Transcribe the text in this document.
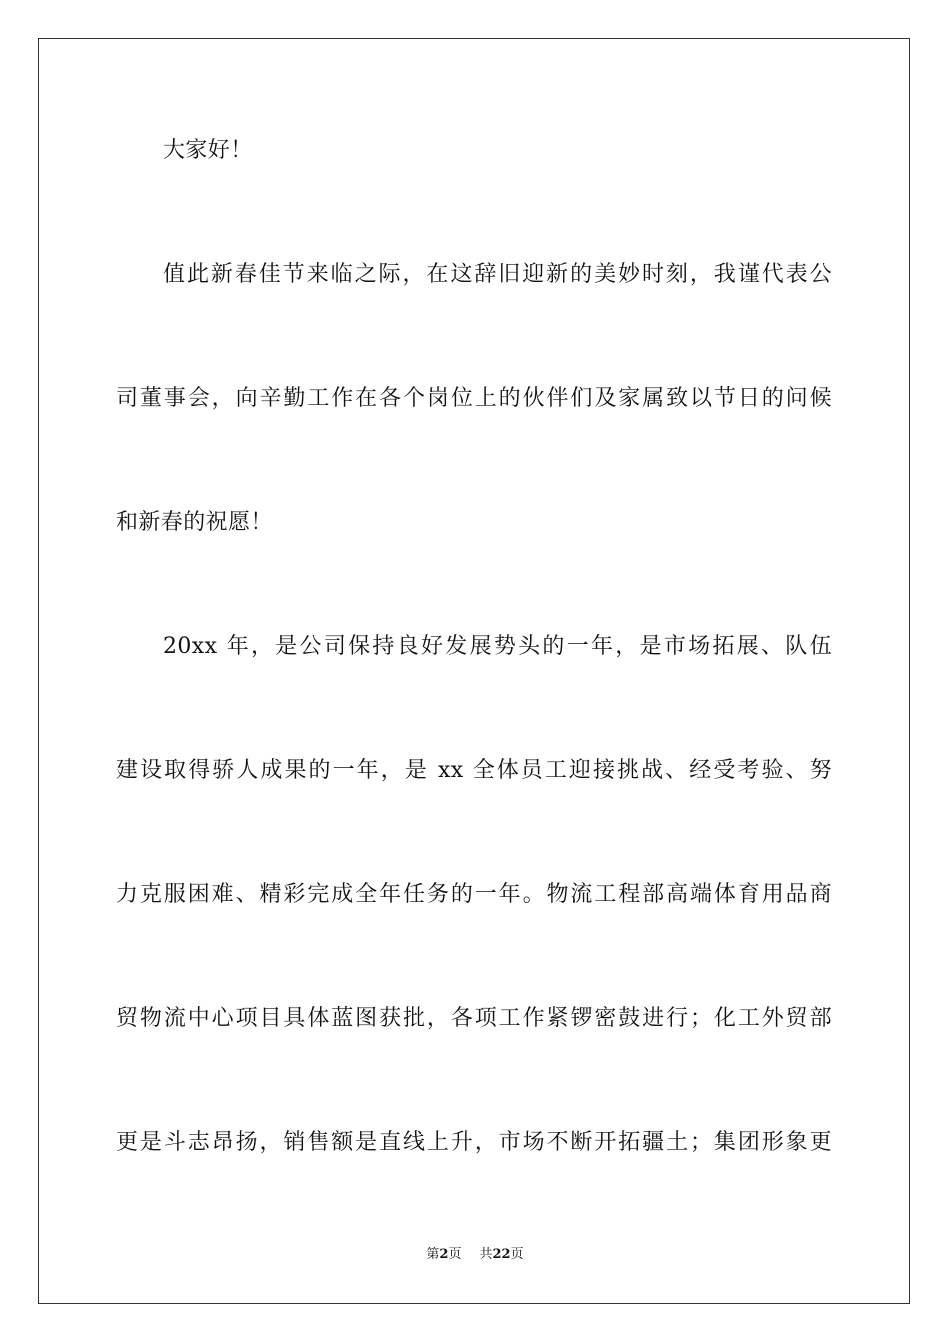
大家好！
值此新春佳节来临之际，在这辞旧迎新的美妙时刻，我谨代表公
司董事会，向辛勤工作在各个岗位上的伙伴们及家属致以节日的问候
和新春的祝愿！
20xx 年，是公司保持良好发展势头的一年，是市场拓展、队伍
建设取得骄人成果的一年，是 xx 全体员工迎接挑战、经受考验、努
力克服困难、精彩完成全年任务的一年。物流工程部高端体育用品商
贸物流中心项目具体蓝图获批，各项工作紧锣密鼓进行；化工外贸部
更是斗志昂扬，销售额是直线上升，市场不断开拓疆土；集团形象更
第2页 共22页
